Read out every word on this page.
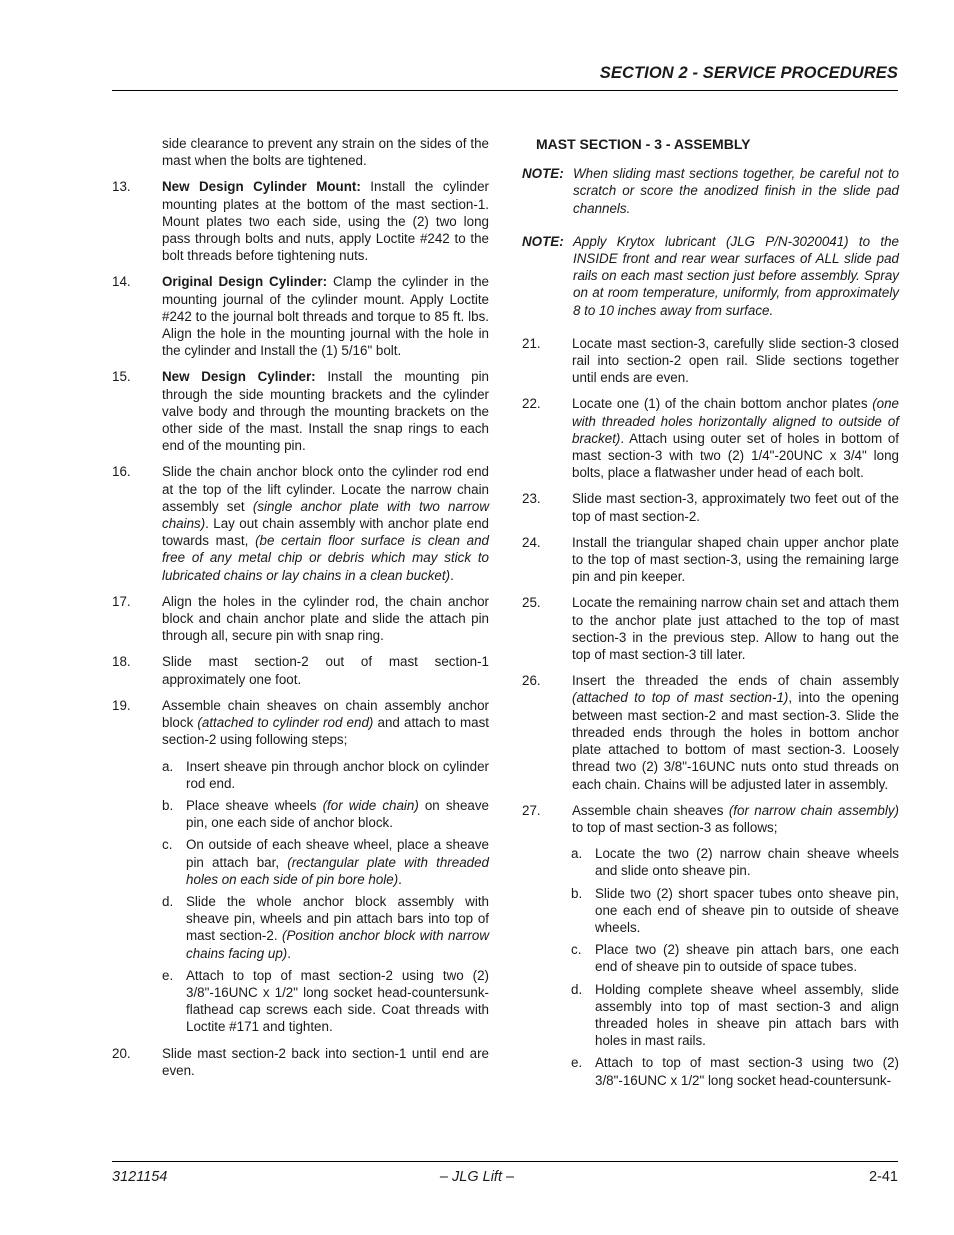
SECTION 2 - SERVICE PROCEDURES
side clearance to prevent any strain on the sides of the mast when the bolts are tightened.
13.	New Design Cylinder Mount: Install the cylinder mounting plates at the bottom of the mast section-1. Mount plates two each side, using the (2) two long pass through bolts and nuts, apply Loctite #242 to the bolt threads before tightening nuts.
14.	Original Design Cylinder: Clamp the cylinder in the mounting journal of the cylinder mount. Apply Loctite #242 to the journal bolt threads and torque to 85 ft. lbs. Align the hole in the mounting journal with the hole in the cylinder and Install the (1) 5/16" bolt.
15.	New Design Cylinder: Install the mounting pin through the side mounting brackets and the cylinder valve body and through the mounting brackets on the other side of the mast. Install the snap rings to each end of the mounting pin.
16.	Slide the chain anchor block onto the cylinder rod end at the top of the lift cylinder. Locate the narrow chain assembly set (single anchor plate with two narrow chains). Lay out chain assembly with anchor plate end towards mast, (be certain floor surface is clean and free of any metal chip or debris which may stick to lubricated chains or lay chains in a clean bucket).
17.	Align the holes in the cylinder rod, the chain anchor block and chain anchor plate and slide the attach pin through all, secure pin with snap ring.
18.	Slide mast section-2 out of mast section-1 approximately one foot.
19.	Assemble chain sheaves on chain assembly anchor block (attached to cylinder rod end) and attach to mast section-2 using following steps;
a. Insert sheave pin through anchor block on cylinder rod end.
b. Place sheave wheels (for wide chain) on sheave pin, one each side of anchor block.
c.	On outside of each sheave wheel, place a sheave pin attach bar, (rectangular plate with threaded holes on each side of pin bore hole).
d. Slide the whole anchor block assembly with sheave pin, wheels and pin attach bars into top of mast section-2. (Position anchor block with narrow chains facing up).
e. Attach to top of mast section-2 using two (2) 3/8"-16UNC x 1/2" long socket head-countersunk-flathead cap screws each side. Coat threads with Loctite #171 and tighten.
20.	Slide mast section-2 back into section-1 until end are even.
MAST SECTION - 3 - ASSEMBLY
NOTE: When sliding mast sections together, be careful not to scratch or score the anodized finish in the slide pad channels.
NOTE: Apply Krytox lubricant (JLG P/N-3020041) to the INSIDE front and rear wear surfaces of ALL slide pad rails on each mast section just before assembly. Spray on at room temperature, uniformly, from approximately 8 to 10 inches away from surface.
21.	Locate mast section-3, carefully slide section-3 closed rail into section-2 open rail. Slide sections together until ends are even.
22.	Locate one (1) of the chain bottom anchor plates (one with threaded holes horizontally aligned to outside of bracket). Attach using outer set of holes in bottom of mast section-3 with two (2) 1/4"-20UNC x 3/4" long bolts, place a flatwasher under head of each bolt.
23.	Slide mast section-3, approximately two feet out of the top of mast section-2.
24.	Install the triangular shaped chain upper anchor plate to the top of mast section-3, using the remaining large pin and pin keeper.
25.	Locate the remaining narrow chain set and attach them to the anchor plate just attached to the top of mast section-3 in the previous step. Allow to hang out the top of mast section-3 till later.
26.	Insert the threaded the ends of chain assembly (attached to top of mast section-1), into the opening between mast section-2 and mast section-3. Slide the threaded ends through the holes in bottom anchor plate attached to bottom of mast section-3. Loosely thread two (2) 3/8"-16UNC nuts onto stud threads on each chain. Chains will be adjusted later in assembly.
27.	Assemble chain sheaves (for narrow chain assembly) to top of mast section-3 as follows;
a. Locate the two (2) narrow chain sheave wheels and slide onto sheave pin.
b. Slide two (2) short spacer tubes onto sheave pin, one each end of sheave pin to outside of sheave wheels.
c.	Place two (2) sheave pin attach bars, one each end of sheave pin to outside of space tubes.
d. Holding complete sheave wheel assembly, slide assembly into top of mast section-3 and align threaded holes in sheave pin attach bars with holes in mast rails.
e. Attach to top of mast section-3 using two (2) 3/8"-16UNC x 1/2" long socket head-countersunk-
3121154	– JLG Lift –	2-41
